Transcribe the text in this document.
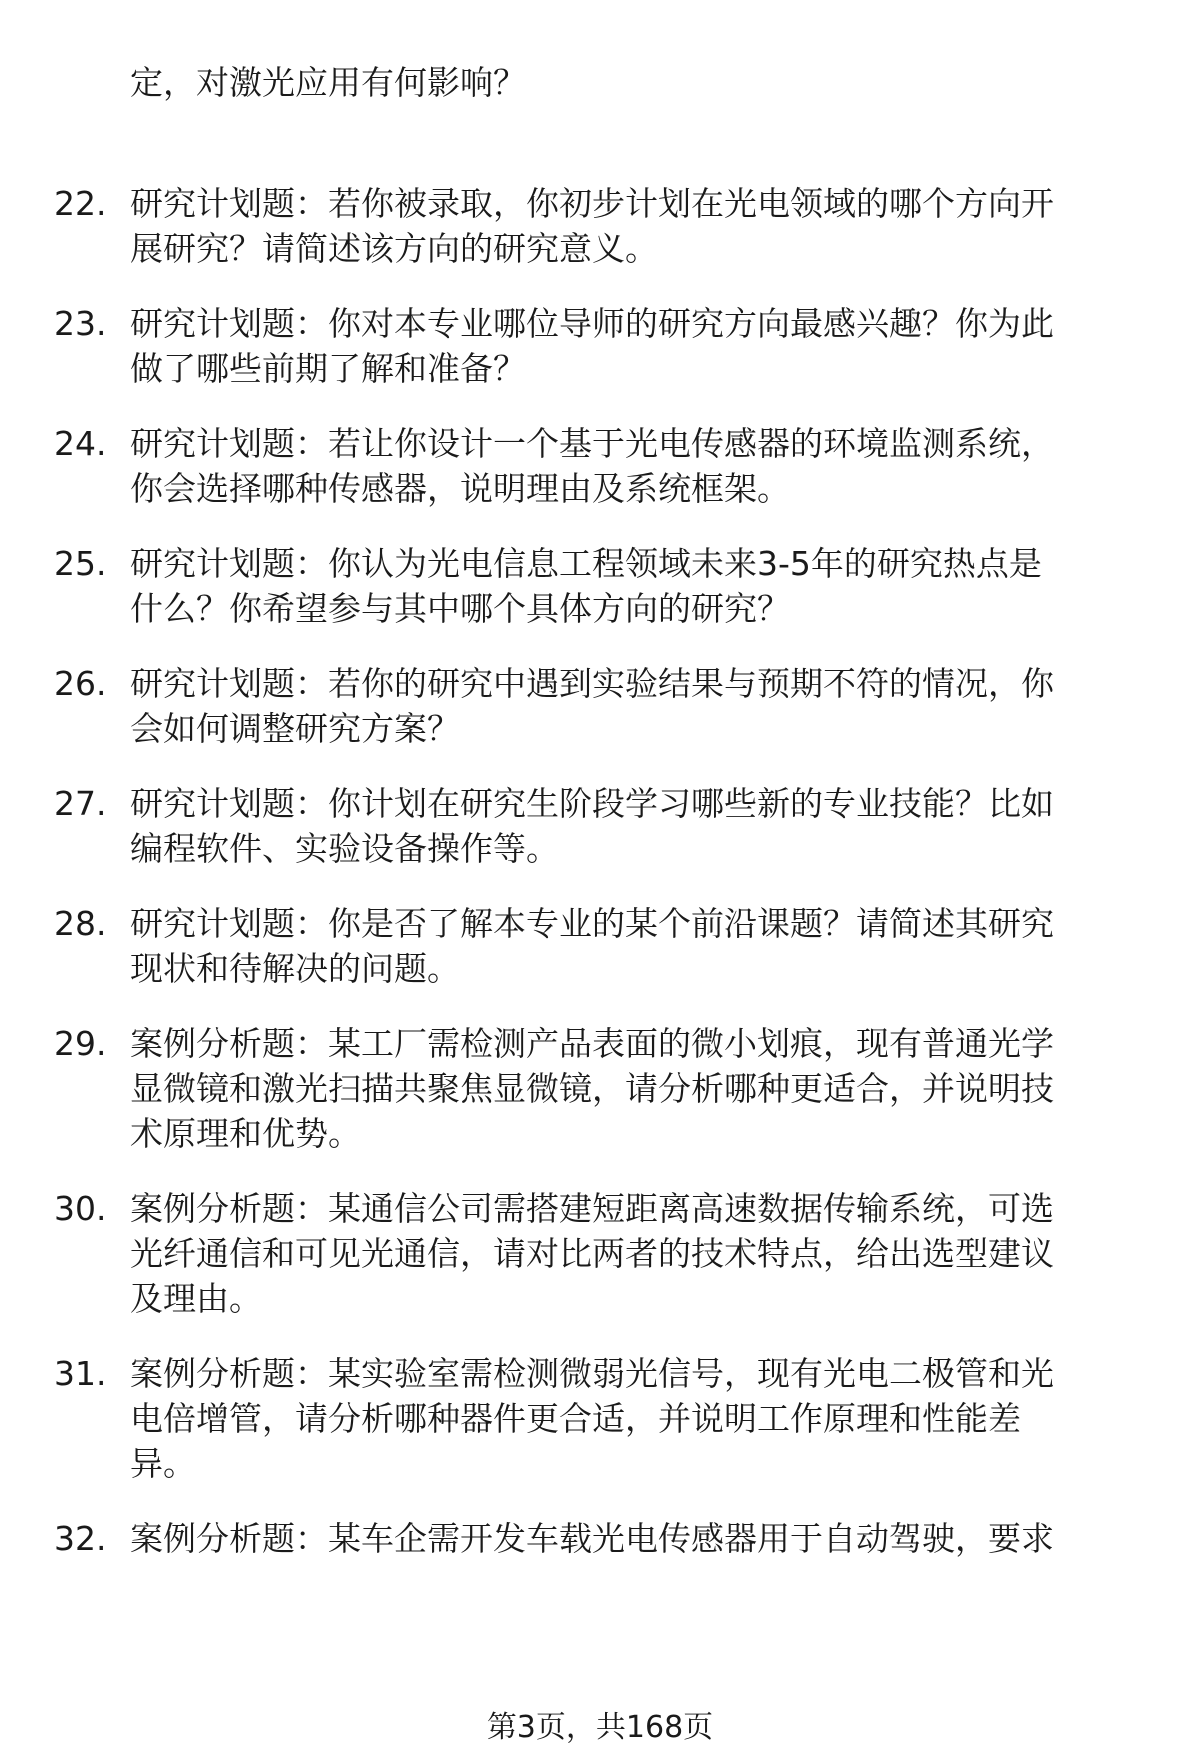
定，对激光应用有何影响？
22. 研究计划题：若你被录取，你初步计划在光电领域的哪个方向开
展研究？请简述该方向的研究意义。
23. 研究计划题：你对本专业哪位导师的研究方向最感兴趣？你为此
做了哪些前期了解和准备？
24. 研究计划题：若让你设计一个基于光电传感器的环境监测系统，
你会选择哪种传感器，说明理由及系统框架。
25. 研究计划题：你认为光电信息工程领域未来3-5年的研究热点是
什么？你希望参与其中哪个具体方向的研究？
26. 研究计划题：若你的研究中遇到实验结果与预期不符的情况，你
会如何调整研究方案？
27. 研究计划题：你计划在研究生阶段学习哪些新的专业技能？比如
编程软件、实验设备操作等。
28. 研究计划题：你是否了解本专业的某个前沿课题？请简述其研究
现状和待解决的问题。
29. 案例分析题：某工厂需检测产品表面的微小划痕，现有普通光学
显微镜和激光扫描共聚焦显微镜，请分析哪种更适合，并说明技
术原理和优势。
30. 案例分析题：某通信公司需搭建短距离高速数据传输系统，可选
光纤通信和可见光通信，请对比两者的技术特点，给出选型建议
及理由。
31. 案例分析题：某实验室需检测微弱光信号，现有光电二极管和光
电倍增管，请分析哪种器件更合适，并说明工作原理和性能差
异。
32. 案例分析题：某车企需开发车载光电传感器用于自动驾驶，要求
第3页，共168页
